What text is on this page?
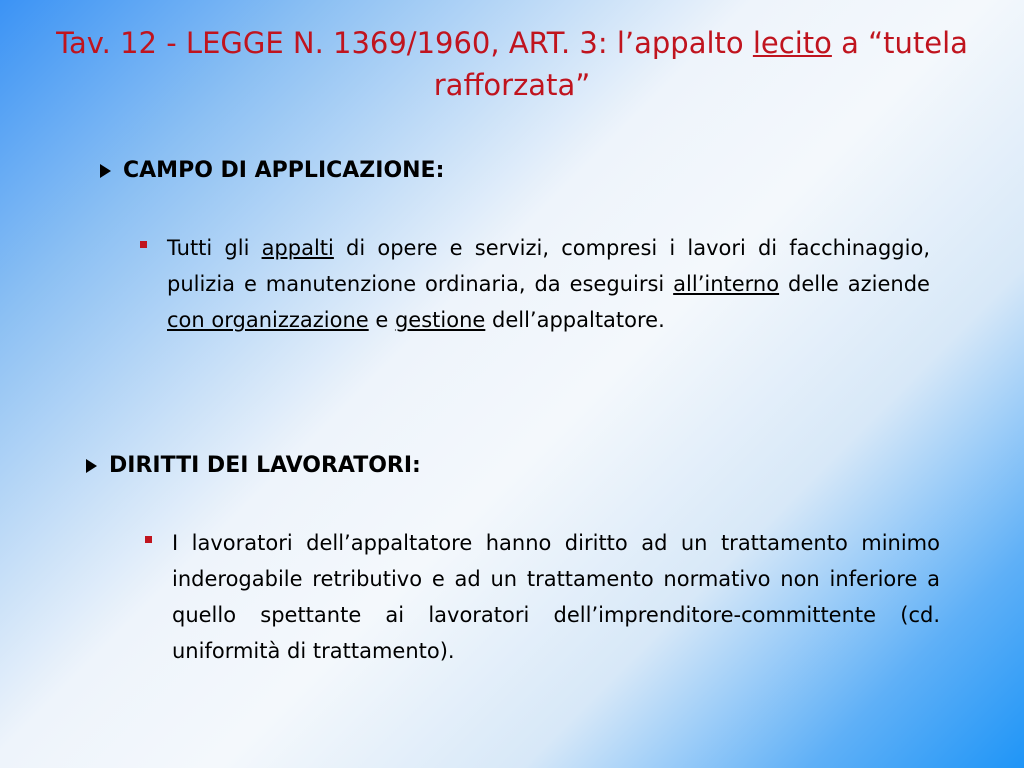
Tav. 12 - LEGGE N. 1369/1960, ART. 3: l’appalto lecito a “tutela rafforzata”
CAMPO DI APPLICAZIONE:
Tutti gli appalti di opere e servizi, compresi i lavori di facchinaggio, pulizia e manutenzione ordinaria, da eseguirsi all’interno delle aziende con organizzazione e gestione dell’appaltatore.
DIRITTI DEI LAVORATORI:
I lavoratori dell’appaltatore hanno diritto ad un trattamento minimo inderogabile retributivo e ad un trattamento normativo non inferiore a quello spettante ai lavoratori dell’imprenditore-committente (cd. uniformità di trattamento).
